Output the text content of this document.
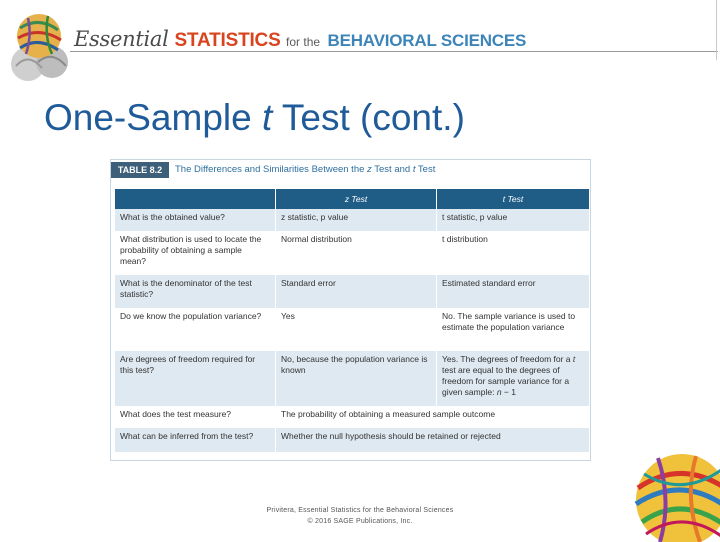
Essential STATISTICS for the BEHAVIORAL SCIENCES
One-Sample t Test (cont.)
TABLE 8.2	The Differences and Similarities Between the z Test and t Test
	z Test	t Test
What is the obtained value?	z statistic, p value	t statistic, p value
What distribution is used to locate the probability of obtaining a sample mean?	Normal distribution	t distribution
What is the denominator of the test statistic?	Standard error	Estimated standard error
Do we know the population variance?	Yes	No. The sample variance is used to estimate the population variance
Are degrees of freedom required for this test?	No, because the population variance is known	Yes. The degrees of freedom for a t test are equal to the degrees of freedom for sample variance for a given sample: n − 1
What does the test measure?	The probability of obtaining a measured sample outcome	
What can be inferred from the test?	Whether the null hypothesis should be retained or rejected	
Privitera, Essential Statistics for the Behavioral Sciences
© 2016 SAGE Publications, Inc.
